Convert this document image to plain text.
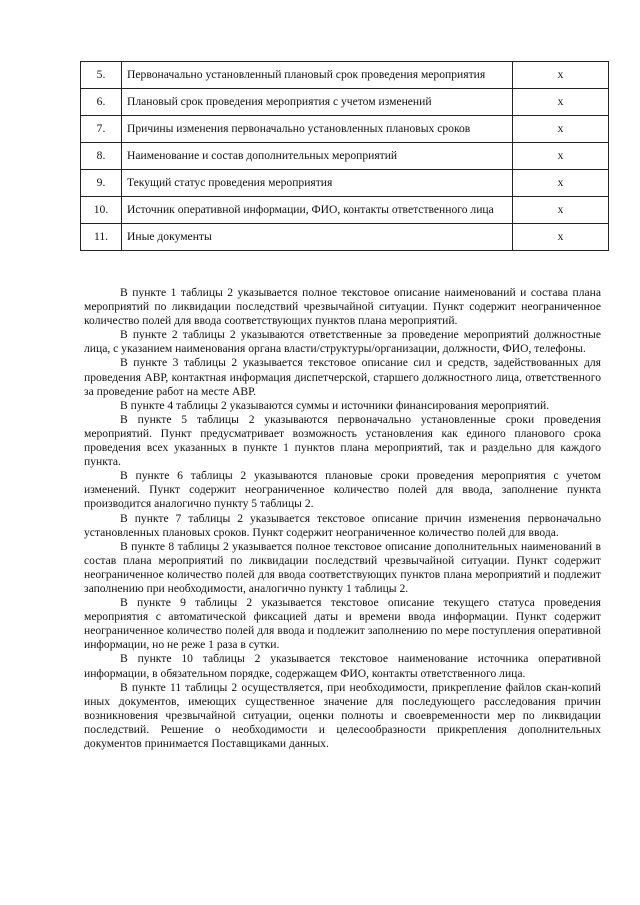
5.	Первоначально установленный плановый срок проведения мероприятия	x
6.	Плановый срок проведения мероприятия с учетом изменений	x
7.	Причины изменения первоначально установленных плановых сроков	x
8.	Наименование и состав дополнительных мероприятий	x
9.	Текущий статус проведения мероприятия	x
10.	Источник оперативной информации, ФИО, контакты ответственного лица	x
11.	Иные документы	x

В пункте 1 таблицы 2 указывается полное текстовое описание наименований и состава плана мероприятий по ликвидации последствий чрезвычайной ситуации. Пункт содержит неограниченное количество полей для ввода соответствующих пунктов плана мероприятий.

В пункте 2 таблицы 2 указываются ответственные за проведение мероприятий должностные лица, с указанием наименования органа власти/структуры/организации, должности, ФИО, телефоны.

В пункте 3 таблицы 2 указывается текстовое описание сил и средств, задействованных для проведения АВР, контактная информация диспетчерской, старшего должностного лица, ответственного за проведение работ на месте АВР.

В пункте 4 таблицы 2 указываются суммы и источники финансирования мероприятий.

В пункте 5 таблицы 2 указываются первоначально установленные сроки проведения мероприятий. Пункт предусматривает возможность установления как единого планового срока проведения всех указанных в пункте 1 пунктов плана мероприятий, так и раздельно для каждого пункта.

В пункте 6 таблицы 2 указываются плановые сроки проведения мероприятия с учетом изменений. Пункт содержит неограниченное количество полей для ввода, заполнение пункта производится аналогично пункту 5 таблицы 2.

В пункте 7 таблицы 2 указывается текстовое описание причин изменения первоначально установленных плановых сроков. Пункт содержит неограниченное количество полей для ввода.

В пункте 8 таблицы 2 указывается полное текстовое описание дополнительных наименований в состав плана мероприятий по ликвидации последствий чрезвычайной ситуации. Пункт содержит неограниченное количество полей для ввода соответствующих пунктов плана мероприятий и подлежит заполнению при необходимости, аналогично пункту 1 таблицы 2.

В пункте 9 таблицы 2 указывается текстовое описание текущего статуса проведения мероприятия с автоматической фиксацией даты и времени ввода информации. Пункт содержит неограниченное количество полей для ввода и подлежит заполнению по мере поступления оперативной информации, но не реже 1 раза в сутки.

В пункте 10 таблицы 2 указывается текстовое наименование источника оперативной информации, в обязательном порядке, содержащем ФИО, контакты ответственного лица.

В пункте 11 таблицы 2 осуществляется, при необходимости, прикрепление файлов скан-копий иных документов, имеющих существенное значение для последующего расследования причин возникновения чрезвычайной ситуации, оценки полноты и своевременности мер по ликвидации последствий. Решение о необходимости и целесообразности прикрепления дополнительных документов принимается Поставщиками данных.
